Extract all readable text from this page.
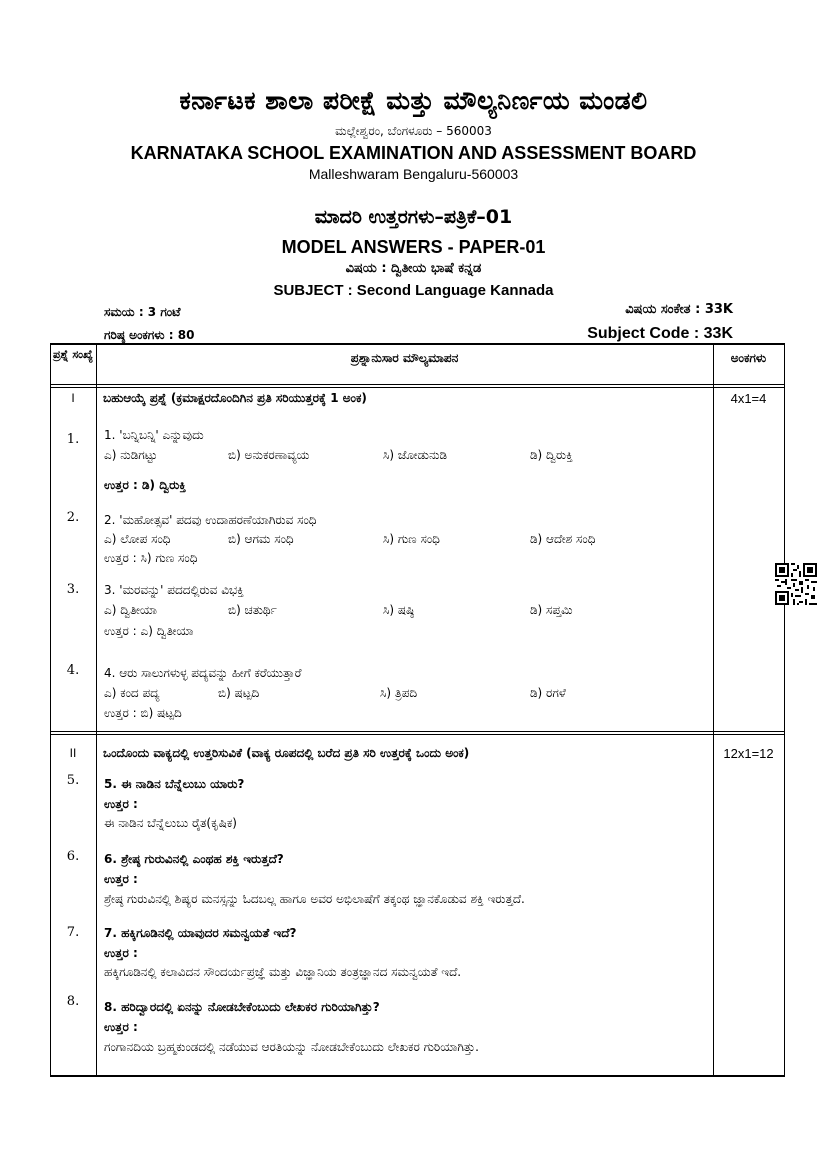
ಕರ್ನಾಟಕ ಶಾಲಾ ಪರೀಕ್ಷೆ ಮತ್ತು ಮೌಲ್ಯನಿರ್ಣಯ ಮಂಡಲಿ
ಮಲ್ಲೇಶ್ವರಂ, ಬೆಂಗಳೂರು – 560003
KARNATAKA SCHOOL EXAMINATION AND ASSESSMENT BOARD
Malleshwaram Bengaluru-560003
ಮಾದರಿ ಉತ್ತರಗಳು–ಪತ್ರಿಕೆ–01
MODEL ANSWERS - PAPER-01
ವಿಷಯ : ದ್ವಿತೀಯ ಭಾಷೆ ಕನ್ನಡ
SUBJECT : Second Language Kannada
ಸಮಯ : 3 ಗಂಟೆ
ಗರಿಷ್ಠ ಅಂಕಗಳು : 80
ವಿಷಯ ಸಂಕೇತ : 33K
Subject Code : 33K
ಪ್ರಶ್ನೆ ಸಂಖ್ಯೆ	ಪ್ರಶ್ನಾನುಸಾರ ಮೌಲ್ಯಮಾಪನ	ಅಂಕಗಳು
I	ಬಹುಆಯ್ಕೆ ಪ್ರಶ್ನೆ (ಕ್ರಮಾಕ್ಷರದೊಂದಿಗಿನ ಪ್ರತಿ ಸರಿಯುತ್ತರಕ್ಕೆ 1 ಅಂಕ)	4x1=4
1.	1. 'ಬನ್ನಿಬನ್ನಿ' ಎನ್ನುವುದು
ಎ) ನುಡಿಗಟ್ಟು	ಬಿ) ಅನುಕರಣಾವ್ಯಯ	ಸಿ) ಜೋಡುನುಡಿ	ಡಿ) ದ್ವಿರುಕ್ತಿ
ಉತ್ತರ : ಡಿ) ದ್ವಿರುಕ್ತಿ
2.	2. 'ಮಹೋತ್ಸವ' ಪದವು ಉದಾಹರಣೆಯಾಗಿರುವ ಸಂಧಿ
ಎ) ಲೋಪ ಸಂಧಿ	ಬಿ) ಆಗಮ ಸಂಧಿ	ಸಿ) ಗುಣ ಸಂಧಿ	ಡಿ) ಆದೇಶ ಸಂಧಿ
ಉತ್ತರ : ಸಿ) ಗುಣ ಸಂಧಿ
3.	3. 'ಮರವನ್ನು' ಪದದಲ್ಲಿರುವ ವಿಭಕ್ತಿ
ಎ) ದ್ವಿತೀಯಾ	ಬಿ) ಚತುರ್ಥಿ	ಸಿ) ಷಷ್ಠಿ	ಡಿ) ಸಪ್ತಮಿ
ಉತ್ತರ : ಎ) ದ್ವಿತೀಯಾ
4.	4. ಆರು ಸಾಲುಗಳುಳ್ಳ ಪದ್ಯವನ್ನು ಹೀಗೆ ಕರೆಯುತ್ತಾರೆ
ಎ) ಕಂದ ಪದ್ಯ	ಬಿ) ಷಟ್ಪದಿ	ಸಿ) ತ್ರಿಪದಿ	ಡಿ) ರಗಳೆ
ಉತ್ತರ : ಬಿ) ಷಟ್ಪದಿ
II	ಒಂದೊಂದು ವಾಕ್ಯದಲ್ಲಿ ಉತ್ತರಿಸುವಿಕೆ (ವಾಕ್ಯ ರೂಪದಲ್ಲಿ ಬರೆದ ಪ್ರತಿ ಸರಿ ಉತ್ತರಕ್ಕೆ ಒಂದು ಅಂಕ)	12x1=12
5.	5. ಈ ನಾಡಿನ ಬೆನ್ನೆಲುಬು ಯಾರು?
ಉತ್ತರ :
ಈ ನಾಡಿನ ಬೆನ್ನೆಲುಬು ರೈತ(ಕೃಷಿಕ)
6.	6. ಶ್ರೇಷ್ಠ ಗುರುವಿನಲ್ಲಿ ಎಂಥಹ ಶಕ್ತಿ ಇರುತ್ತದೆ?
ಉತ್ತರ :
ಶ್ರೇಷ್ಠ ಗುರುವಿನಲ್ಲಿ ಶಿಷ್ಯರ ಮನಸ್ಸನ್ನು ಓದಬಲ್ಲ ಹಾಗೂ ಅವರ ಅಭಿಲಾಷೆಗೆ ತಕ್ಕಂಥ ಜ್ಞಾನಕೊಡುವ ಶಕ್ತಿ ಇರುತ್ತದೆ.
7.	7. ಹಕ್ಕಿಗೂಡಿನಲ್ಲಿ ಯಾವುದರ ಸಮನ್ವಯತೆ ಇದೆ?
ಉತ್ತರ :
ಹಕ್ಕಿಗೂಡಿನಲ್ಲಿ ಕಲಾವಿದನ ಸೌಂದರ್ಯಪ್ರಜ್ಞೆ ಮತ್ತು ವಿಜ್ಞಾನಿಯ ತಂತ್ರಜ್ಞಾನದ ಸಮನ್ವಯತೆ ಇದೆ.
8.	8. ಹರಿದ್ವಾರದಲ್ಲಿ ಏನನ್ನು ನೋಡಬೇಕೆಂಬುದು ಲೇಖಕರ ಗುರಿಯಾಗಿತ್ತು?
ಉತ್ತರ :
ಗಂಗಾನದಿಯ ಬ್ರಹ್ಮಕುಂಡದಲ್ಲಿ ನಡೆಯುವ ಆರತಿಯನ್ನು ನೋಡಬೇಕೆಂಬುದು ಲೇಖಕರ ಗುರಿಯಾಗಿತ್ತು.
